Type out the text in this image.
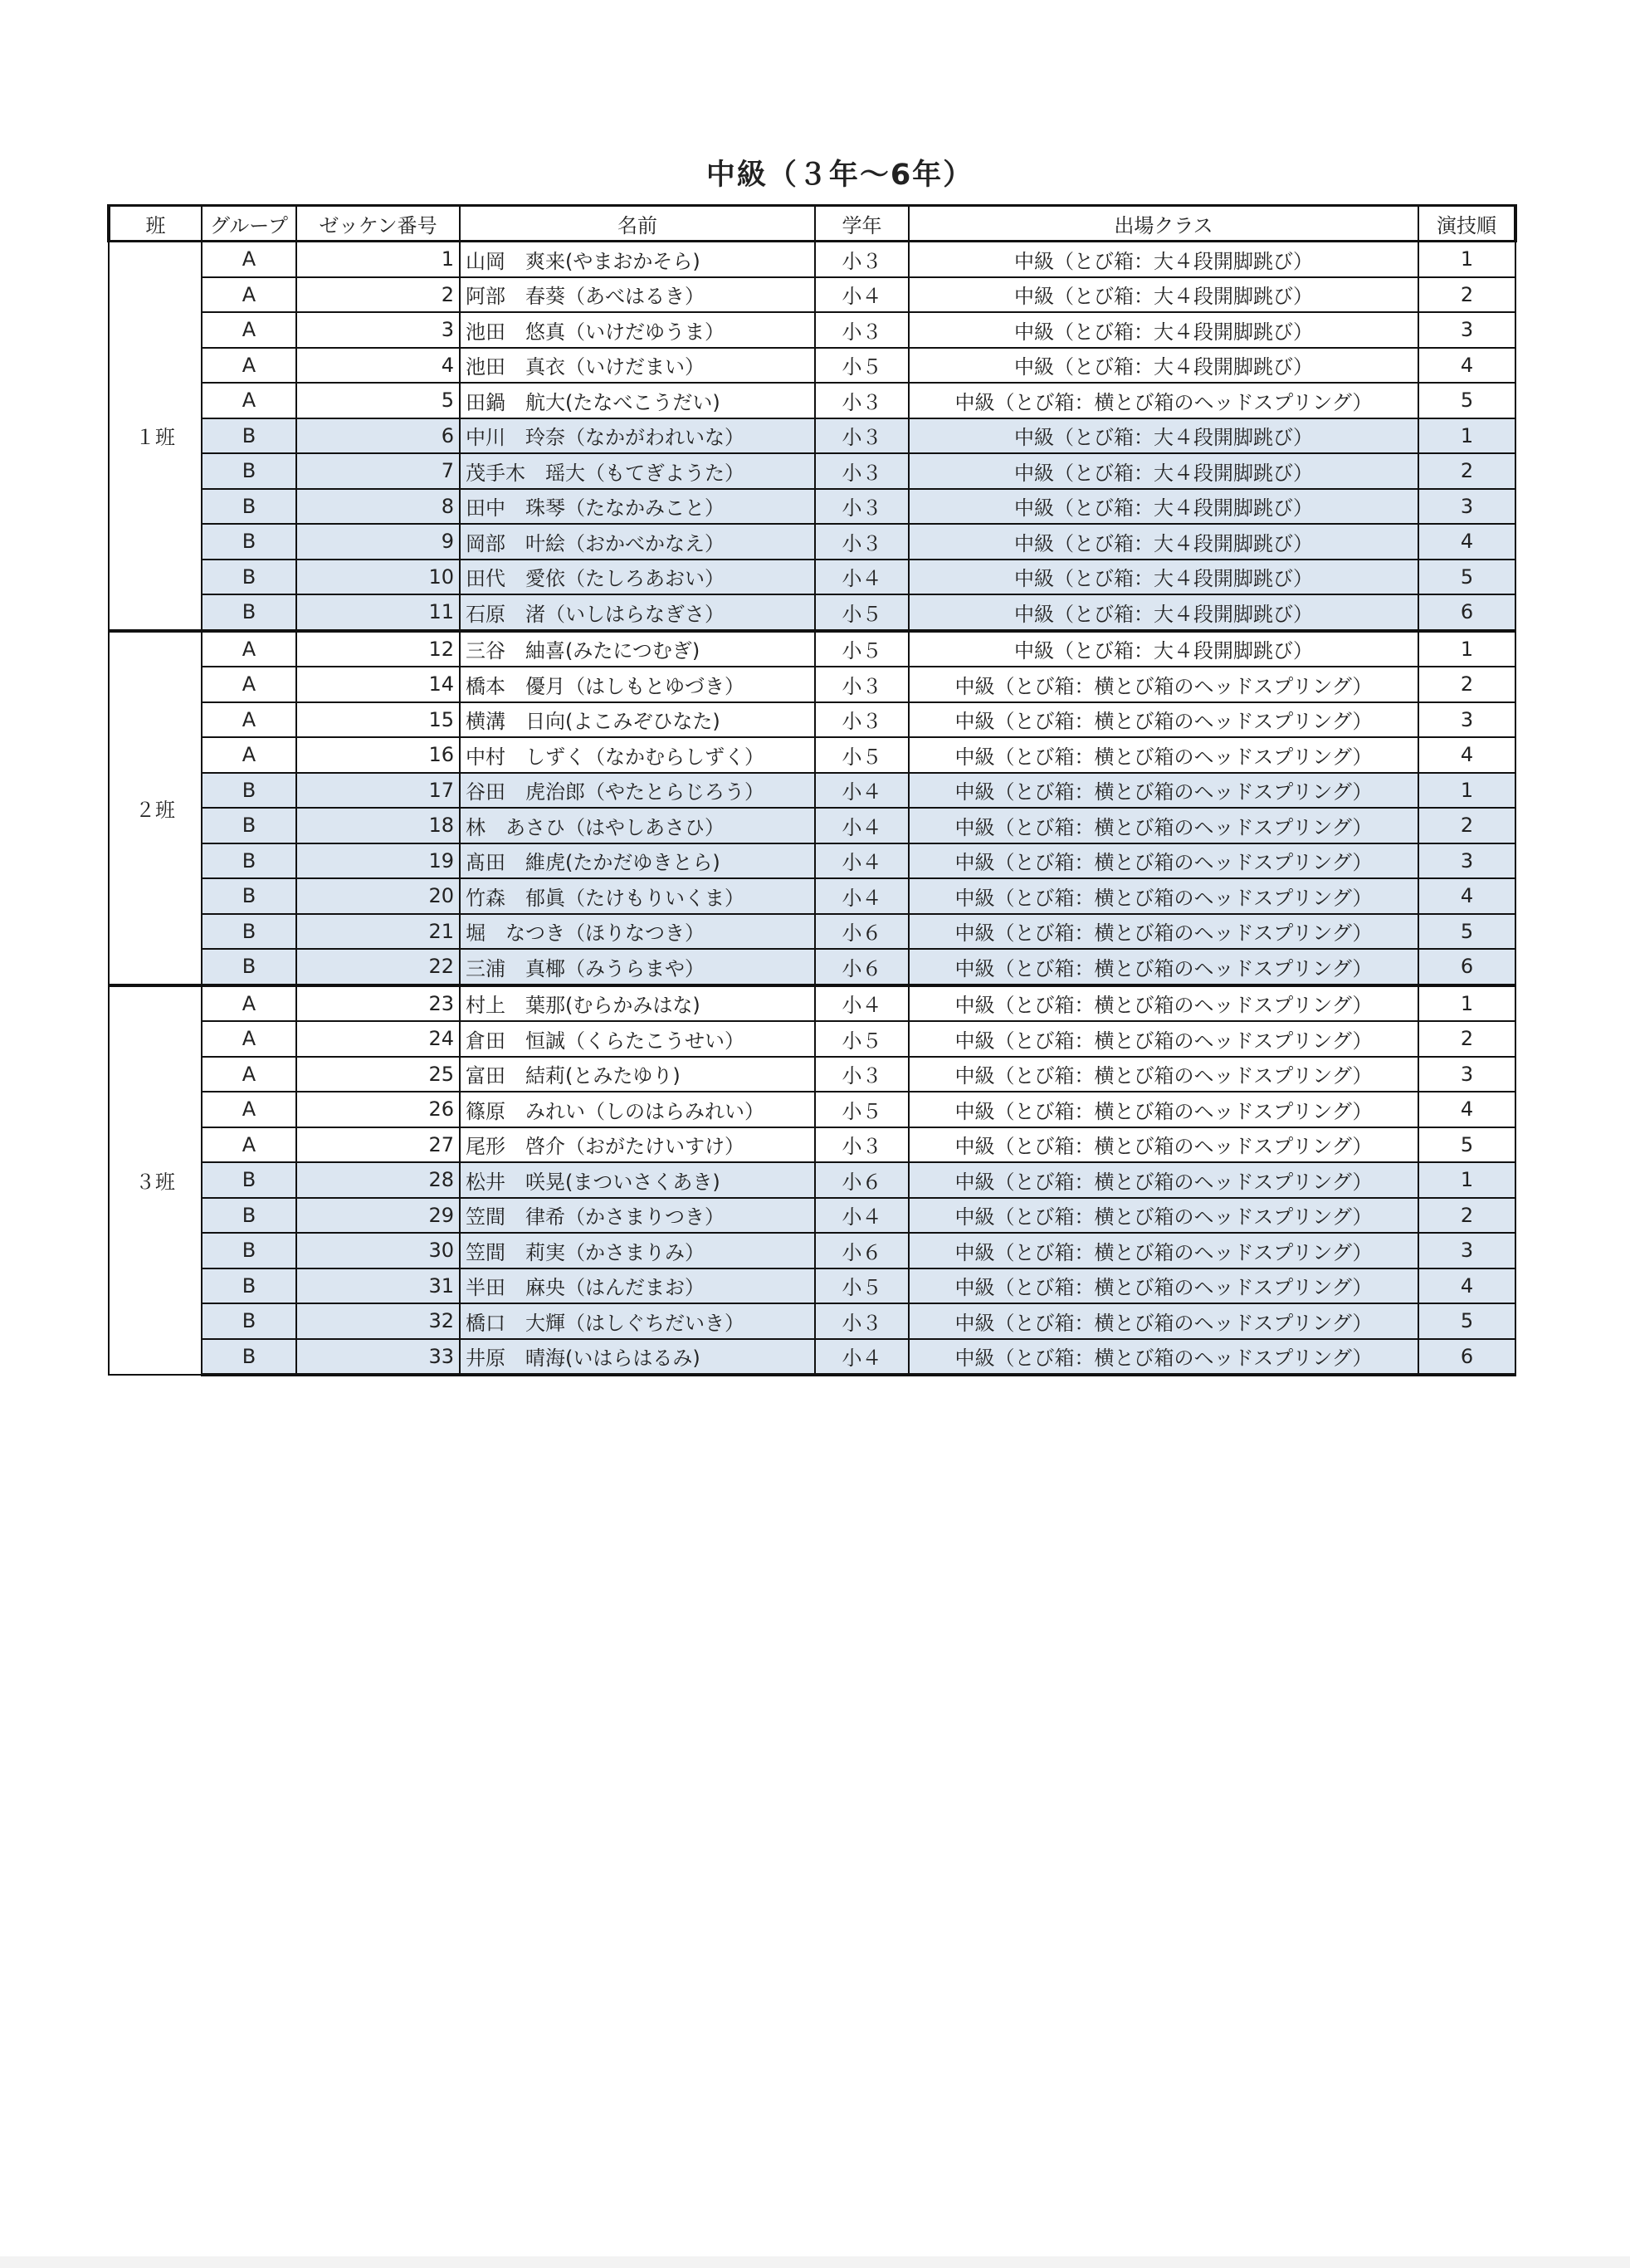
中級（３年～6年）
班	グループ	ゼッケン番号	名前	学年	出場クラス	演技順
１班	A	1	山岡　爽来(やまおかそら)	小３	中級（とび箱：大４段開脚跳び）	1
	A	2	阿部　春葵（あべはるき）	小４	中級（とび箱：大４段開脚跳び）	2
	A	3	池田　悠真（いけだゆうま）	小３	中級（とび箱：大４段開脚跳び）	3
	A	4	池田　真衣（いけだまい）	小５	中級（とび箱：大４段開脚跳び）	4
	A	5	田鍋　航大(たなべこうだい)	小３	中級（とび箱：横とび箱のヘッドスプリング）	5
	B	6	中川　玲奈（なかがわれいな）	小３	中級（とび箱：大４段開脚跳び）	1
	B	7	茂手木　瑶大（もてぎようた）	小３	中級（とび箱：大４段開脚跳び）	2
	B	8	田中　珠琴（たなかみこと）	小３	中級（とび箱：大４段開脚跳び）	3
	B	9	岡部　叶絵（おかべかなえ）	小３	中級（とび箱：大４段開脚跳び）	4
	B	10	田代　愛依（たしろあおい）	小４	中級（とび箱：大４段開脚跳び）	5
	B	11	石原　渚（いしはらなぎさ）	小５	中級（とび箱：大４段開脚跳び）	6
２班	A	12	三谷　紬喜(みたにつむぎ)	小５	中級（とび箱：大４段開脚跳び）	1
	A	14	橋本　優月（はしもとゆづき）	小３	中級（とび箱：横とび箱のヘッドスプリング）	2
	A	15	横溝　日向(よこみぞひなた)	小３	中級（とび箱：横とび箱のヘッドスプリング）	3
	A	16	中村　しずく（なかむらしずく）	小５	中級（とび箱：横とび箱のヘッドスプリング）	4
	B	17	谷田　虎治郎（やたとらじろう）	小４	中級（とび箱：横とび箱のヘッドスプリング）	1
	B	18	林　あさひ（はやしあさひ）	小４	中級（とび箱：横とび箱のヘッドスプリング）	2
	B	19	髙田　維虎(たかだゆきとら)	小４	中級（とび箱：横とび箱のヘッドスプリング）	3
	B	20	竹森　郁眞（たけもりいくま）	小４	中級（とび箱：横とび箱のヘッドスプリング）	4
	B	21	堀　なつき（ほりなつき）	小６	中級（とび箱：横とび箱のヘッドスプリング）	5
	B	22	三浦　真椰（みうらまや）	小６	中級（とび箱：横とび箱のヘッドスプリング）	6
３班	A	23	村上　葉那(むらかみはな)	小４	中級（とび箱：横とび箱のヘッドスプリング）	1
	A	24	倉田　恒誠（くらたこうせい）	小５	中級（とび箱：横とび箱のヘッドスプリング）	2
	A	25	富田　結莉(とみたゆり)	小３	中級（とび箱：横とび箱のヘッドスプリング）	3
	A	26	篠原　みれい（しのはらみれい）	小５	中級（とび箱：横とび箱のヘッドスプリング）	4
	A	27	尾形　啓介（おがたけいすけ）	小３	中級（とび箱：横とび箱のヘッドスプリング）	5
	B	28	松井　咲晃(まついさくあき)	小６	中級（とび箱：横とび箱のヘッドスプリング）	1
	B	29	笠間　律希（かさまりつき）	小４	中級（とび箱：横とび箱のヘッドスプリング）	2
	B	30	笠間　莉実（かさまりみ）	小６	中級（とび箱：横とび箱のヘッドスプリング）	3
	B	31	半田　麻央（はんだまお）	小５	中級（とび箱：横とび箱のヘッドスプリング）	4
	B	32	橋口　大輝（はしぐちだいき）	小３	中級（とび箱：横とび箱のヘッドスプリング）	5
	B	33	井原　晴海(いはらはるみ)	小４	中級（とび箱：横とび箱のヘッドスプリング）	6
